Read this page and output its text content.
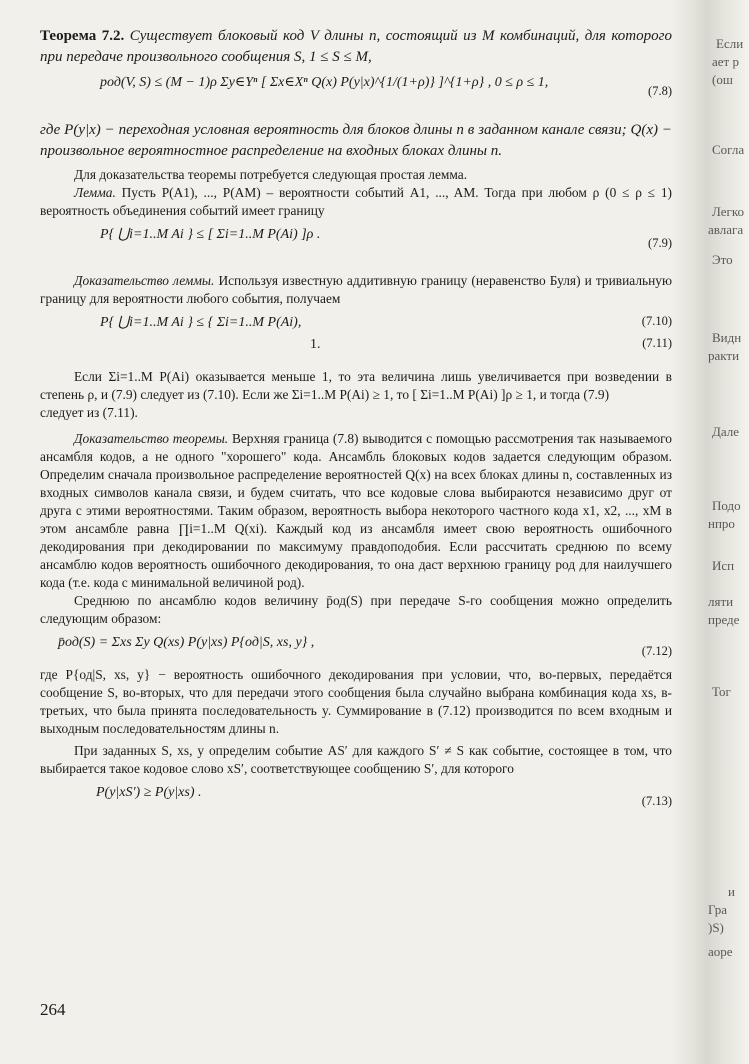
Теорема 7.2. Существует блоковый код V длины n, состоящий из M комбинаций, для которого при передаче произвольного сообщения S, 1 ≤ S ≤ M,

pод(V, S) ≤ (M − 1)ρ Σy∈Yⁿ [ Σx∈Xⁿ Q(x) P(y|x)^{1/(1+ρ)} ]^{1+ρ} , 0 ≤ ρ ≤ 1,
(7.8)

где P(y|x) − переходная условная вероятность для блоков длины n в заданном канале связи; Q(x) − произвольное вероятностное распределение на входных блоках длины n.

Для доказательства теоремы потребуется следующая простая лемма.

Лемма. Пусть P(A1), ..., P(AM) – вероятности событий A1, ..., AM. Тогда при любом ρ (0 ≤ ρ ≤ 1) вероятность объединения событий имеет границу

P{ ⋃i=1..M Ai } ≤ [ Σi=1..M P(Ai) ]ρ .
(7.9)

Доказательство леммы. Используя известную аддитивную границу (неравенство Буля) и тривиальную границу для вероятности любого события, получаем

P{ ⋃i=1..M Ai } ≤ { Σi=1..M P(Ai),	(7.10)
1.	(7.11)

Если Σi=1..M P(Ai) оказывается меньше 1, то эта величина лишь увеличивается при возведении в степень ρ, и (7.9) следует из (7.10). Если же Σi=1..M P(Ai) ≥ 1, то [ Σi=1..M P(Ai) ]ρ ≥ 1, и тогда (7.9)

следует из (7.11).

Доказательство теоремы. Верхняя граница (7.8) выводится с помощью рассмотрения так называемого ансамбля кодов, а не одного "хорошего" кода. Ансамбль блоковых кодов задается следующим образом. Определим сначала произвольное распределение вероятностей Q(x) на всех блоках длины n, составленных из входных символов канала связи, и будем считать, что все кодовые слова выбираются независимо друг от друга с этими вероятностями. Таким образом, вероятность выбора некоторого частного кода x1, x2, ..., xM в этом ансамбле равна ∏i=1..M Q(xi). Каждый код из ансамбля имеет свою вероятность ошибочного декодирования при декодировании по максимуму правдоподобия. Если рассчитать среднюю по всему ансамблю кодов вероятность ошибочного декодирования, то она даст верхнюю границу pод для наилучшего кода (т.е. кода с минимальной величиной pод).

Среднюю по ансамблю кодов величину p̄од(S) при передаче S-го сообщения можно определить следующим образом:

p̄од(S) = Σxs Σy Q(xs) P(y|xs) P{од|S, xs, y} ,
(7.12)

где P{од|S, xs, y} − вероятность ошибочного декодирования при условии, что, во-первых, передаётся сообщение S, во-вторых, что для передачи этого сообщения была случайно выбрана комбинация кода xs, в-третьих, что была принята последовательность y. Суммирование в (7.12) производится по всем входным и выходным последовательностям длины n.

При заданных S, xs, y определим событие AS′ для каждого S′ ≠ S как событие, состоящее в том, что выбирается такое кодовое слово xS′, соответствующее сообщению S′, для которого

P(y|xS′) ≥ P(y|xs) .
(7.13)
264
Если
ает р
(ош
Согла
Легко
авлага
Это
Видн
ракти
Дале
Подо
нпро
Исп
ляти
преде
Тог
и
Гра
)S)
аоре
